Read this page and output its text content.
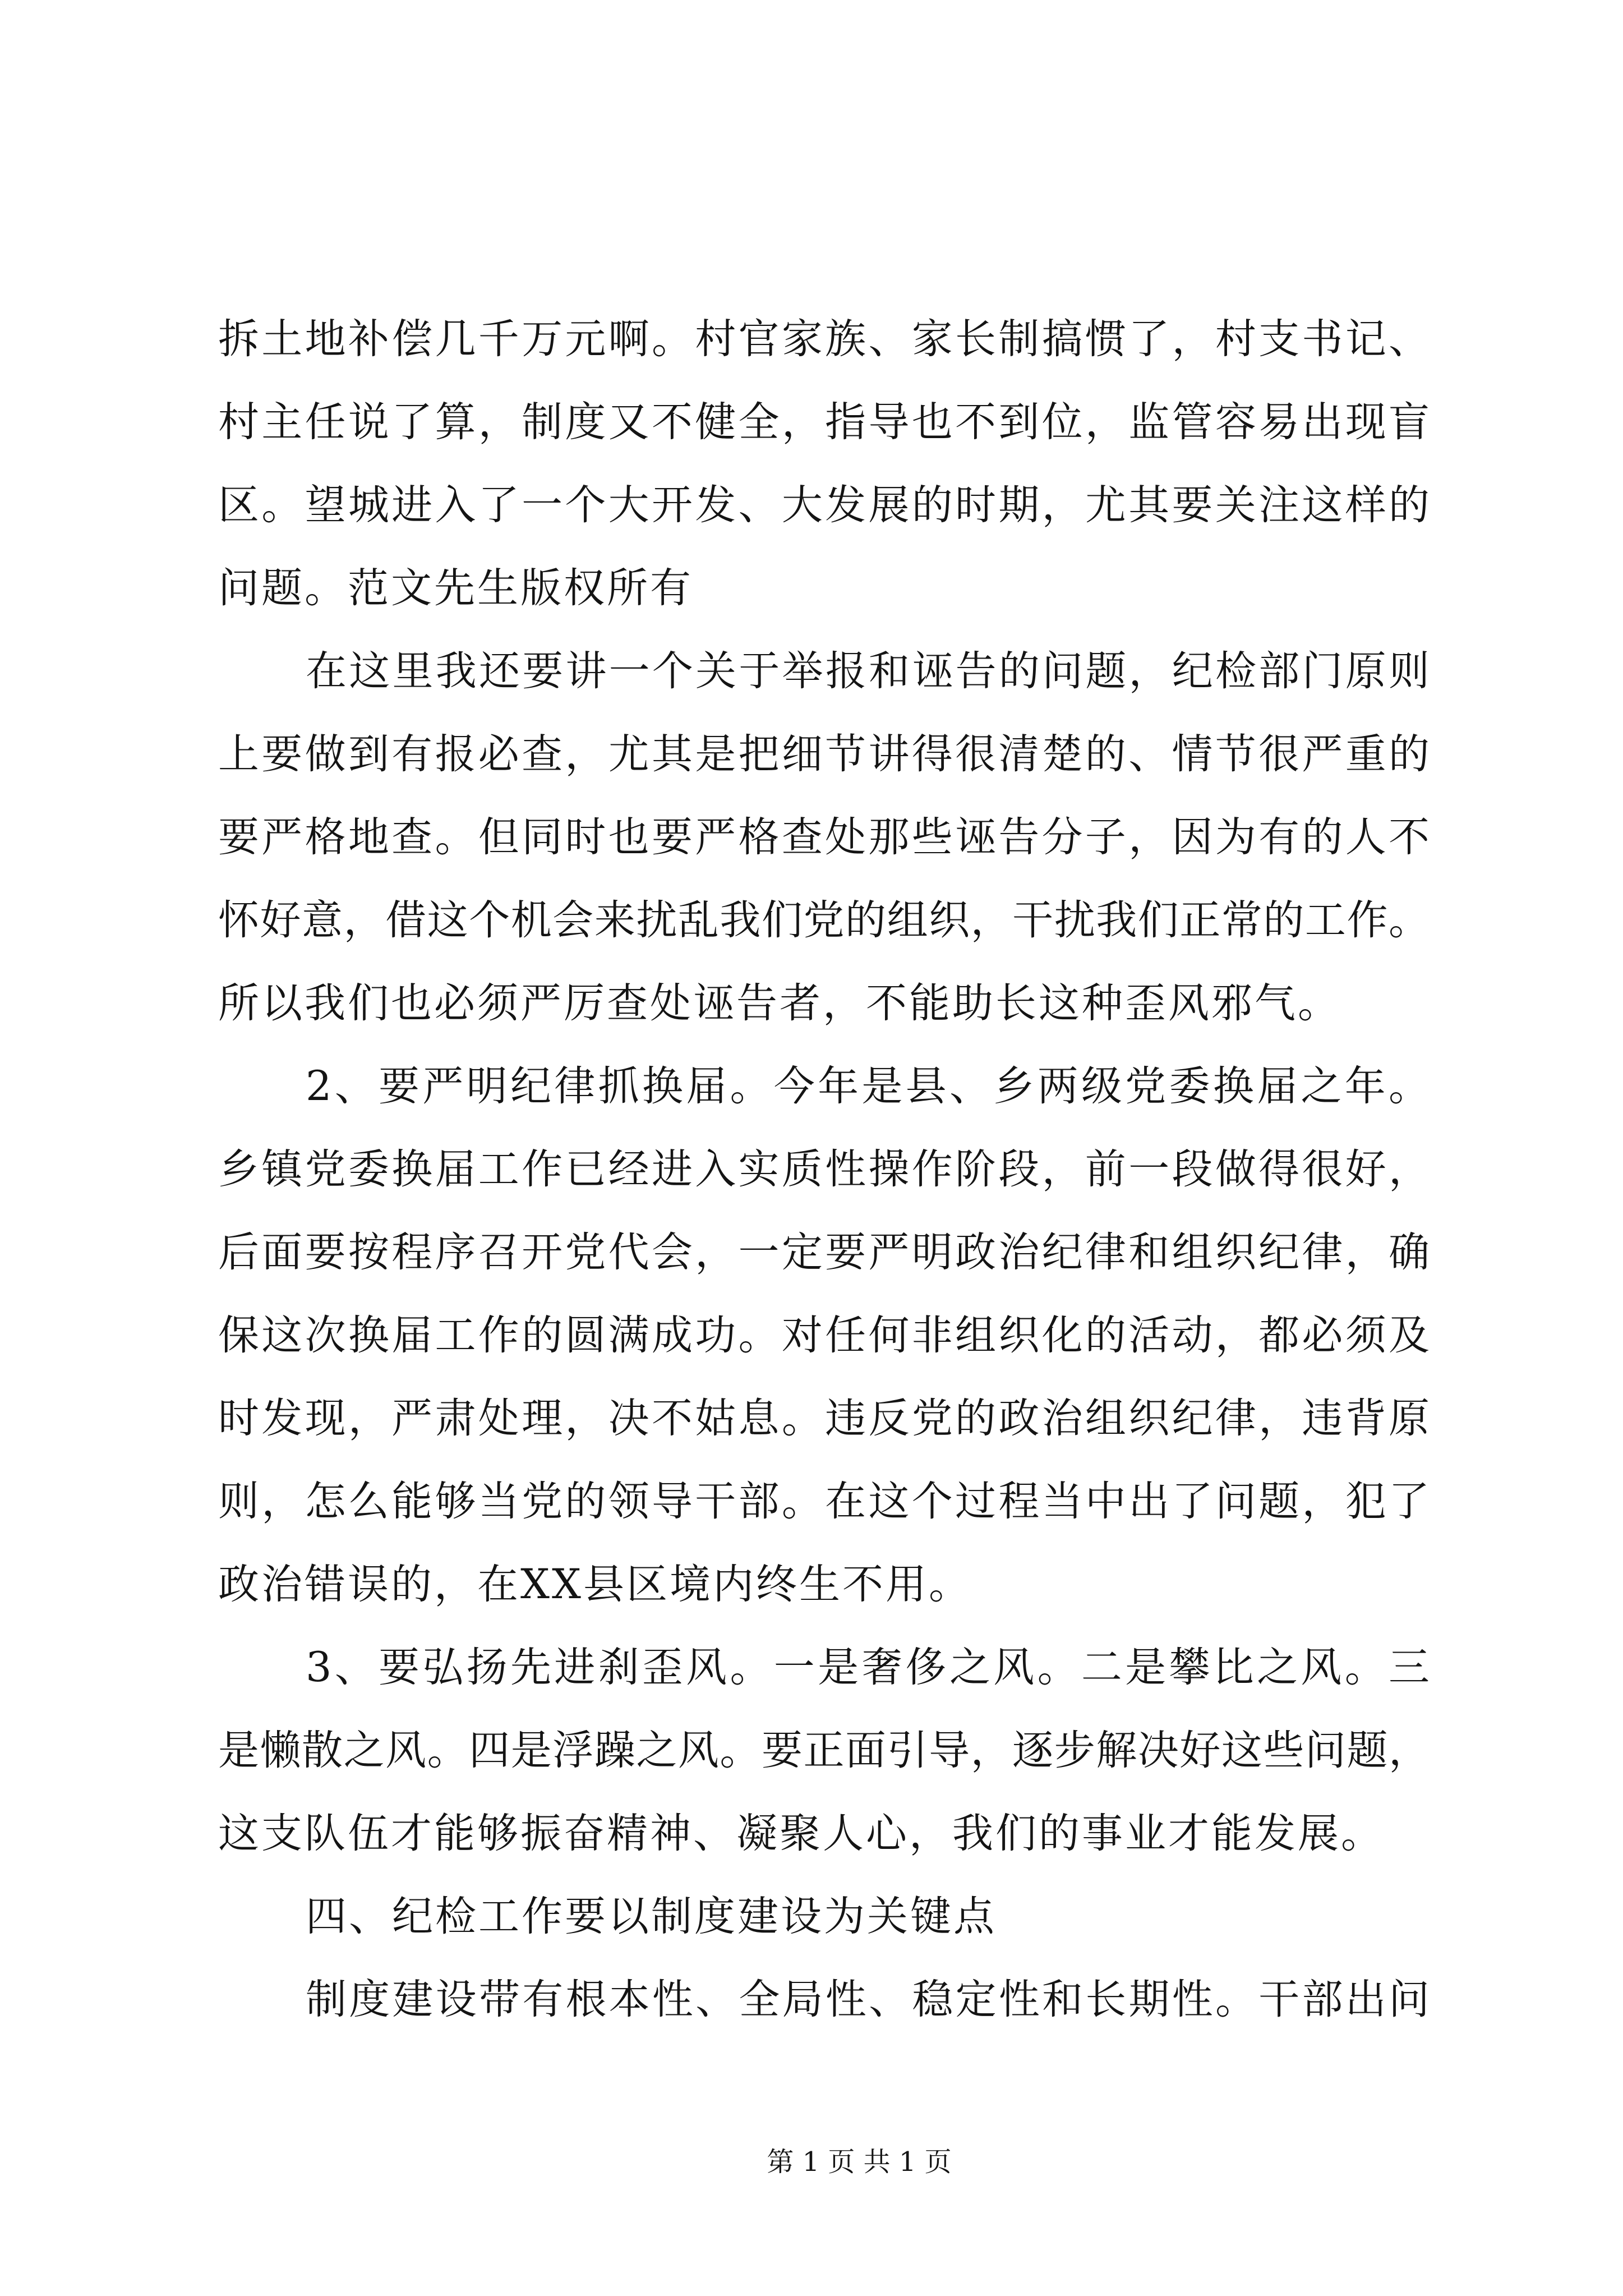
拆土地补偿几千万元啊。村官家族、家长制搞惯了，村支书记、
村主任说了算，制度又不健全，指导也不到位，监管容易出现盲
区。望城进入了一个大开发、大发展的时期，尤其要关注这样的
问题。范文先生版权所有
在这里我还要讲一个关于举报和诬告的问题，纪检部门原则
上要做到有报必查，尤其是把细节讲得很清楚的、情节很严重的
要严格地查。但同时也要严格查处那些诬告分子，因为有的人不
怀好意，借这个机会来扰乱我们党的组织，干扰我们正常的工作。
所以我们也必须严厉查处诬告者，不能助长这种歪风邪气。
2、要严明纪律抓换届。今年是县、乡两级党委换届之年。
乡镇党委换届工作已经进入实质性操作阶段，前一段做得很好，
后面要按程序召开党代会，一定要严明政治纪律和组织纪律，确
保这次换届工作的圆满成功。对任何非组织化的活动，都必须及
时发现，严肃处理，决不姑息。违反党的政治组织纪律，违背原
则，怎么能够当党的领导干部。在这个过程当中出了问题，犯了
政治错误的，在XX县区境内终生不用。
3、要弘扬先进刹歪风。一是奢侈之风。二是攀比之风。三
是懒散之风。四是浮躁之风。要正面引导，逐步解决好这些问题，
这支队伍才能够振奋精神、凝聚人心，我们的事业才能发展。
四、纪检工作要以制度建设为关键点
制度建设带有根本性、全局性、稳定性和长期性。干部出问
第 1 页 共 1 页
